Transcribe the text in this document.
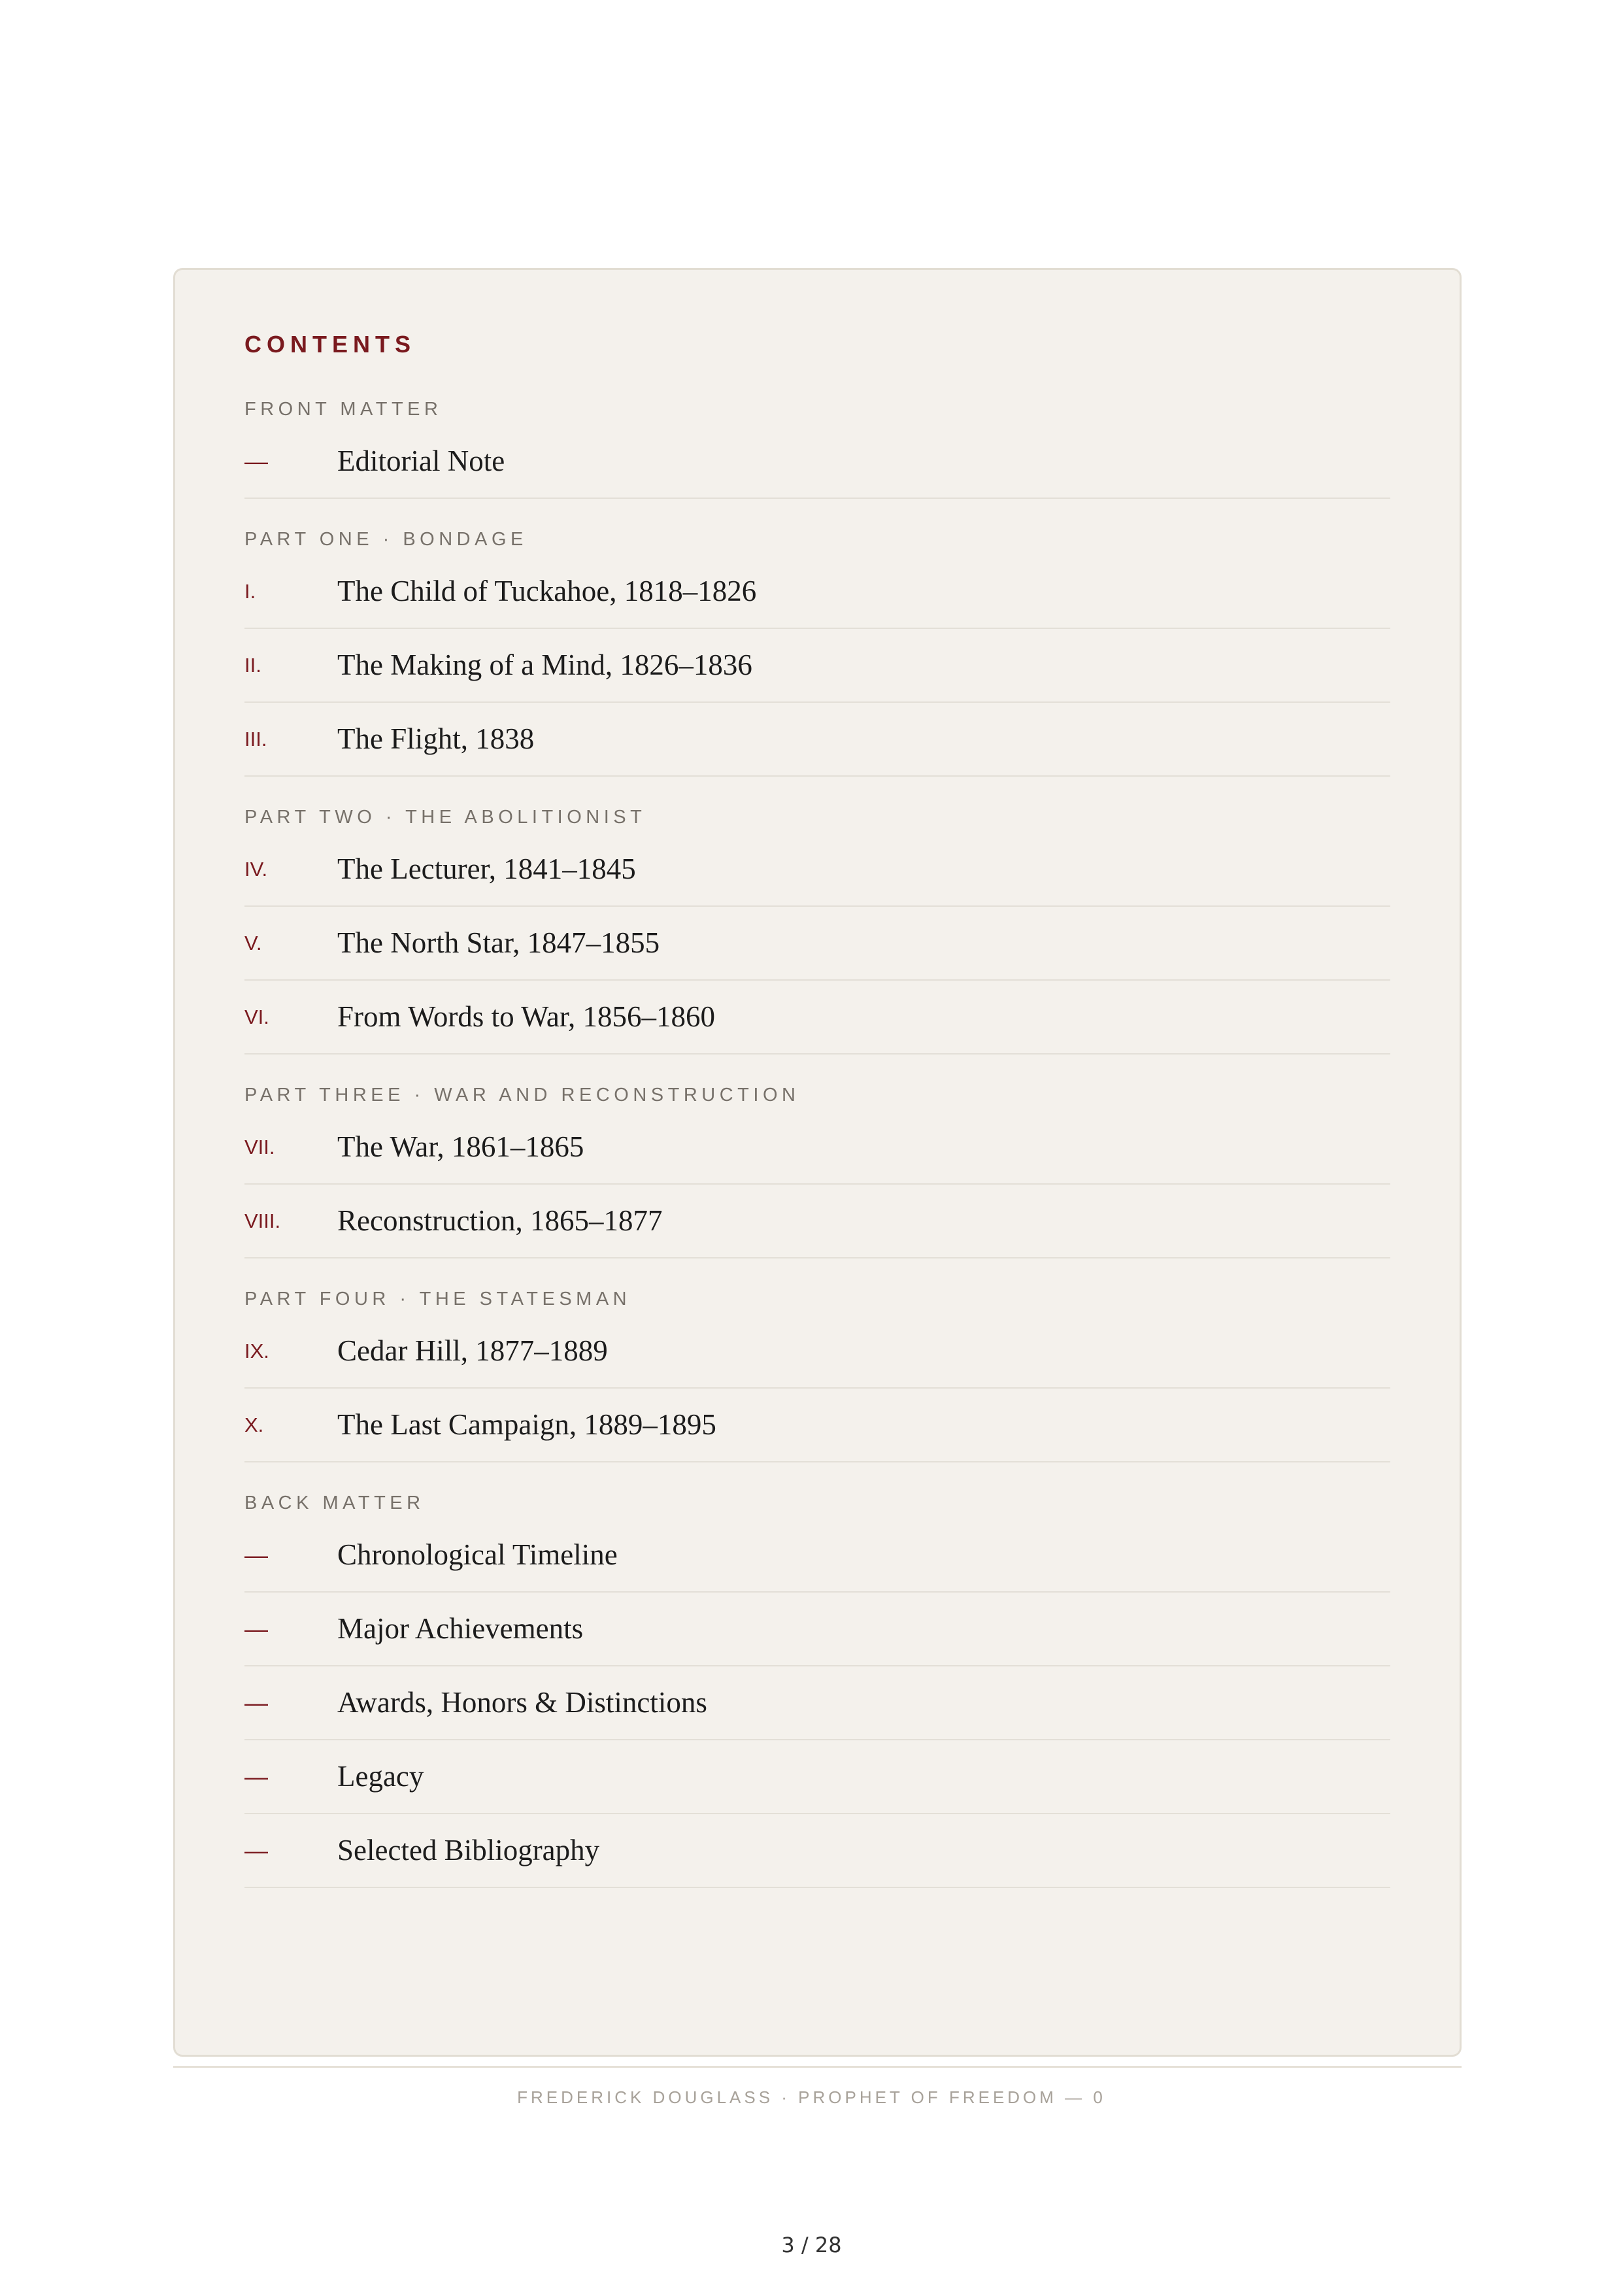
CONTENTS
FRONT MATTER
—	Editorial Note
PART ONE · BONDAGE
I.	The Child of Tuckahoe, 1818–1826
II.	The Making of a Mind, 1826–1836
III.	The Flight, 1838
PART TWO · THE ABOLITIONIST
IV.	The Lecturer, 1841–1845
V.	The North Star, 1847–1855
VI.	From Words to War, 1856–1860
PART THREE · WAR AND RECONSTRUCTION
VII.	The War, 1861–1865
VIII.	Reconstruction, 1865–1877
PART FOUR · THE STATESMAN
IX.	Cedar Hill, 1877–1889
X.	The Last Campaign, 1889–1895
BACK MATTER
—	Chronological Timeline
—	Major Achievements
—	Awards, Honors & Distinctions
—	Legacy
—	Selected Bibliography
FREDERICK DOUGLASS · PROPHET OF FREEDOM — 0
3 / 28
